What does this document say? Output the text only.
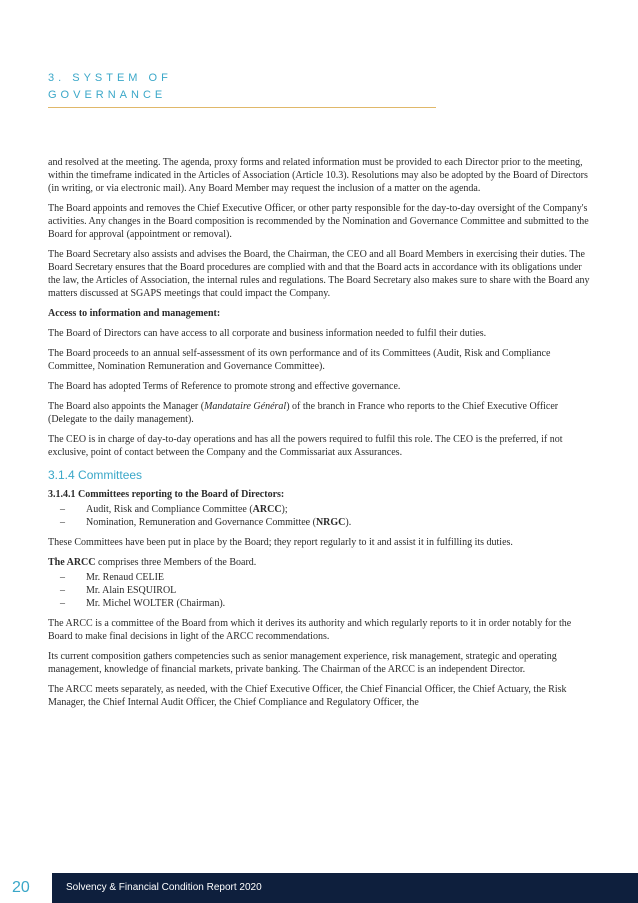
3. SYSTEM OF
GOVERNANCE

and resolved at the meeting. The agenda, proxy forms and related information must be provided to each Director prior to the meeting, within the timeframe indicated in the Articles of Association (Article 10.3). Resolutions may also be adopted by the Board of Directors (in writing, or via electronic mail). Any Board Member may request the inclusion of a matter on the agenda.

The Board appoints and removes the Chief Executive Officer, or other party responsible for the day-to-day oversight of the Company's activities. Any changes in the Board composition is recommended by the Nomination and Governance Committee and submitted to the Board for approval (appointment or removal).

The Board Secretary also assists and advises the Board, the Chairman, the CEO and all Board Members in exercising their duties. The Board Secretary ensures that the Board procedures are complied with and that the Board acts in accordance with its obligations under the law, the Articles of Association, the internal rules and regulations. The Board Secretary also makes sure to share with the Board any matters discussed at SGAPS meetings that could impact the Company.

Access to information and management:

The Board of Directors can have access to all corporate and business information needed to fulfil their duties.

The Board proceeds to an annual self-assessment of its own performance and of its Committees (Audit, Risk and Compliance Committee, Nomination Remuneration and Governance Committee).

The Board has adopted Terms of Reference to promote strong and effective governance.

The Board also appoints the Manager (Mandataire Général) of the branch in France who reports to the Chief Executive Officer (Delegate to the daily management).

The CEO is in charge of day-to-day operations and has all the powers required to fulfil this role. The CEO is the preferred, if not exclusive, point of contact between the Company and the Commissariat aux Assurances.

3.1.4 Committees

3.1.4.1 Committees reporting to the Board of Directors:

– Audit, Risk and Compliance Committee (ARCC);
– Nomination, Remuneration and Governance Committee (NRGC).

These Committees have been put in place by the Board; they report regularly to it and assist it in fulfilling its duties.

The ARCC comprises three Members of the Board.

– Mr. Renaud CELIE
– Mr. Alain ESQUIROL
– Mr. Michel WOLTER (Chairman).

The ARCC is a committee of the Board from which it derives its authority and which regularly reports to it in order notably for the Board to make final decisions in light of the ARCC recommendations.

Its current composition gathers competencies such as senior management experience, risk management, strategic and operating management, knowledge of financial markets, private banking. The Chairman of the ARCC is an independent Director.

The ARCC meets separately, as needed, with the Chief Executive Officer, the Chief Financial Officer, the Chief Actuary, the Risk Manager, the Chief Internal Audit Officer, the Chief Compliance and Regulatory Officer, the

20	Solvency & Financial Condition Report 2020
